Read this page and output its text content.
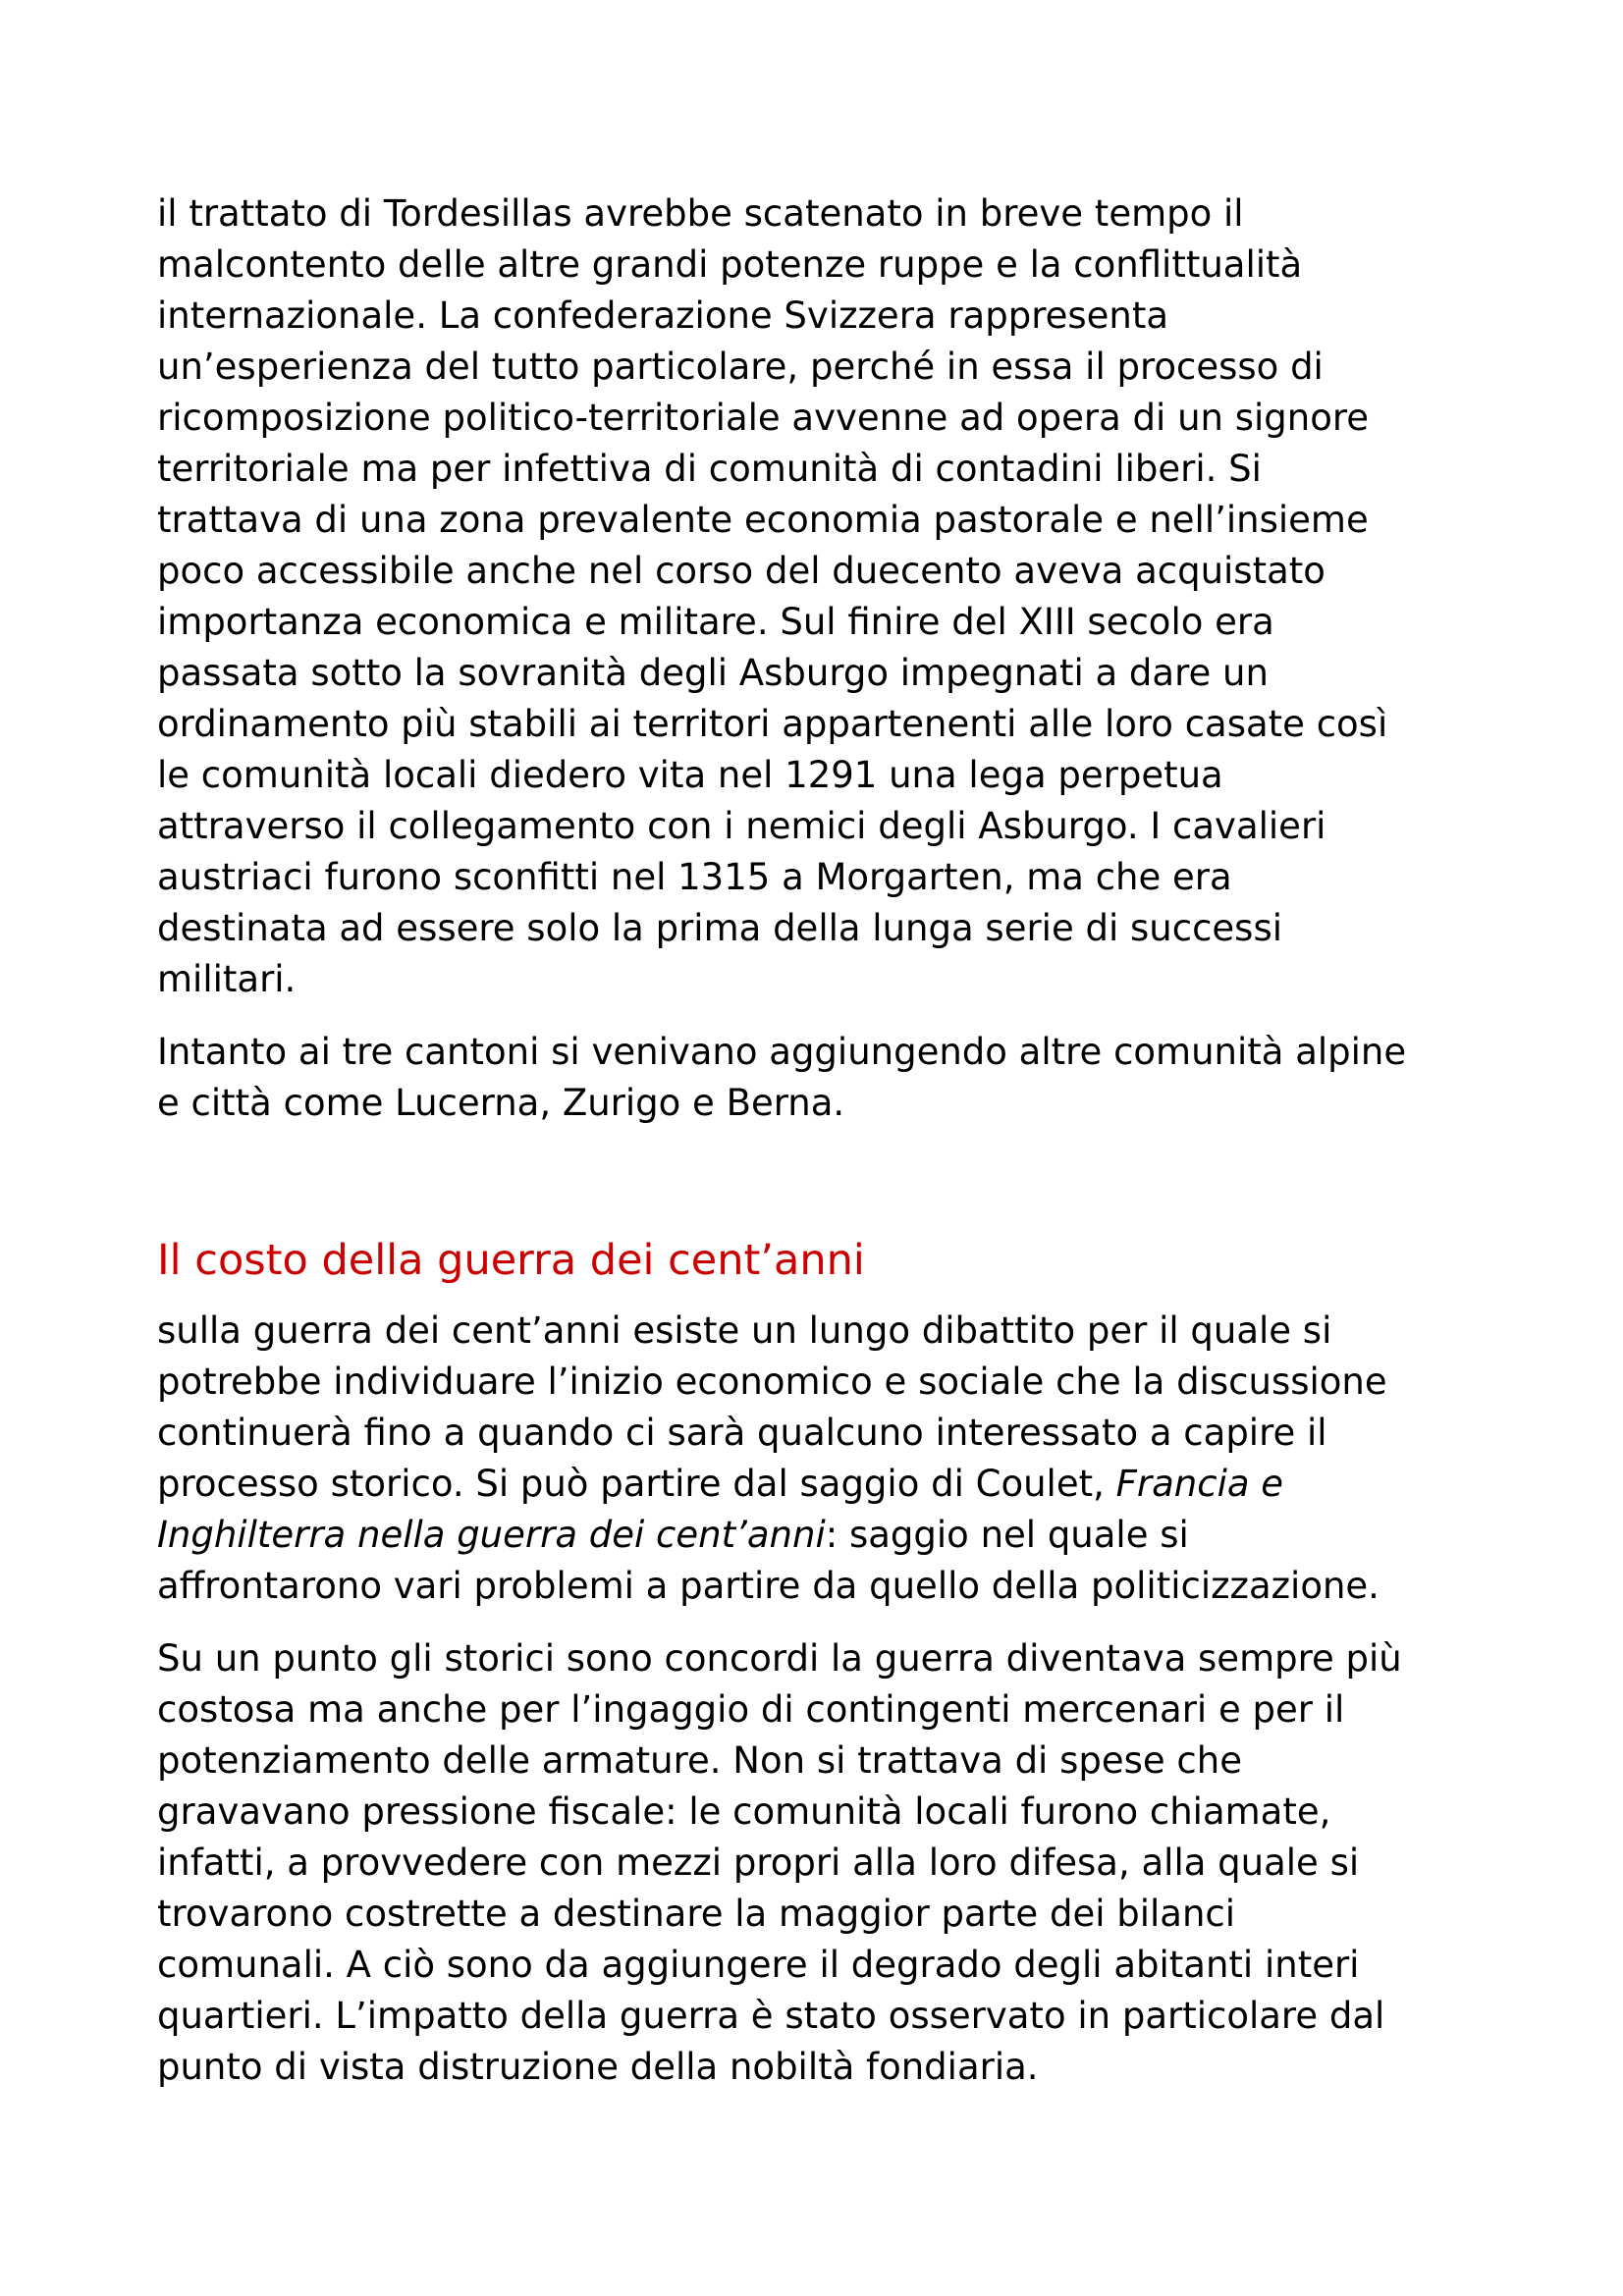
il trattato di Tordesillas avrebbe scatenato in breve tempo il
malcontento delle altre grandi potenze ruppe e la conflittualità
internazionale. La confederazione Svizzera rappresenta
un’esperienza del tutto particolare, perché in essa il processo di
ricomposizione politico-territoriale avvenne ad opera di un signore
territoriale ma per infettiva di comunità di contadini liberi. Si
trattava di una zona prevalente economia pastorale e nell’insieme
poco accessibile anche nel corso del duecento aveva acquistato
importanza economica e militare. Sul finire del XIII secolo era
passata sotto la sovranità degli Asburgo impegnati a dare un
ordinamento più stabili ai territori appartenenti alle loro casate così
le comunità locali diedero vita nel 1291 una lega perpetua
attraverso il collegamento con i nemici degli Asburgo. I cavalieri
austriaci furono sconfitti nel 1315 a Morgarten, ma che era
destinata ad essere solo la prima della lunga serie di successi
militari.

Intanto ai tre cantoni si venivano aggiungendo altre comunità alpine
e città come Lucerna, Zurigo e Berna.

Il costo della guerra dei cent’anni

sulla guerra dei cent’anni esiste un lungo dibattito per il quale si
potrebbe individuare l’inizio economico e sociale che la discussione
continuerà fino a quando ci sarà qualcuno interessato a capire il
processo storico. Si può partire dal saggio di Coulet, Francia e
Inghilterra nella guerra dei cent’anni: saggio nel quale si
affrontarono vari problemi a partire da quello della politicizzazione.

Su un punto gli storici sono concordi la guerra diventava sempre più
costosa ma anche per l’ingaggio di contingenti mercenari e per il
potenziamento delle armature. Non si trattava di spese che
gravavano pressione fiscale: le comunità locali furono chiamate,
infatti, a provvedere con mezzi propri alla loro difesa, alla quale si
trovarono costrette a destinare la maggior parte dei bilanci
comunali. A ciò sono da aggiungere il degrado degli abitanti interi
quartieri. L’impatto della guerra è stato osservato in particolare dal
punto di vista distruzione della nobiltà fondiaria.
